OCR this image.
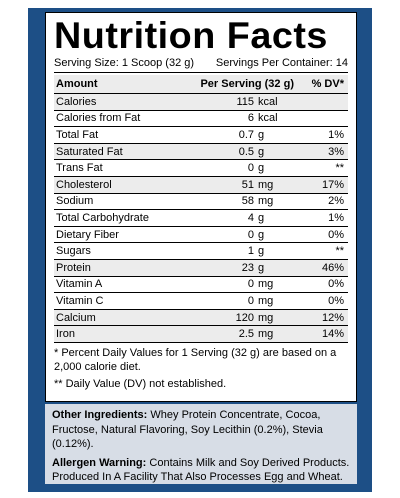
Nutrition Facts
Serving Size: 1 Scoop (32 g) Servings Per Container: 14
Amount	Per Serving (32 g)	% DV*
Calories	115 kcal
Calories from Fat	6 kcal
Total Fat	0.7 g	1%
Saturated Fat	0.5 g	3%
Trans Fat	0 g	**
Cholesterol	51 mg	17%
Sodium	58 mg	2%
Total Carbohydrate	4 g	1%
Dietary Fiber	0 g	0%
Sugars	1 g	**
Protein	23 g	46%
Vitamin A	0 mg	0%
Vitamin C	0 mg	0%
Calcium	120 mg	12%
Iron	2.5 mg	14%

* Percent Daily Values for 1 Serving (32 g) are based on a 2,000 calorie diet.

** Daily Value (DV) not established.

Other Ingredients: Whey Protein Concentrate, Cocoa, Fructose, Natural Flavoring, Soy Lecithin (0.2%), Stevia (0.12%).

Allergen Warning: Contains Milk and Soy Derived Products. Produced In A Facility That Also Processes Egg and Wheat.
